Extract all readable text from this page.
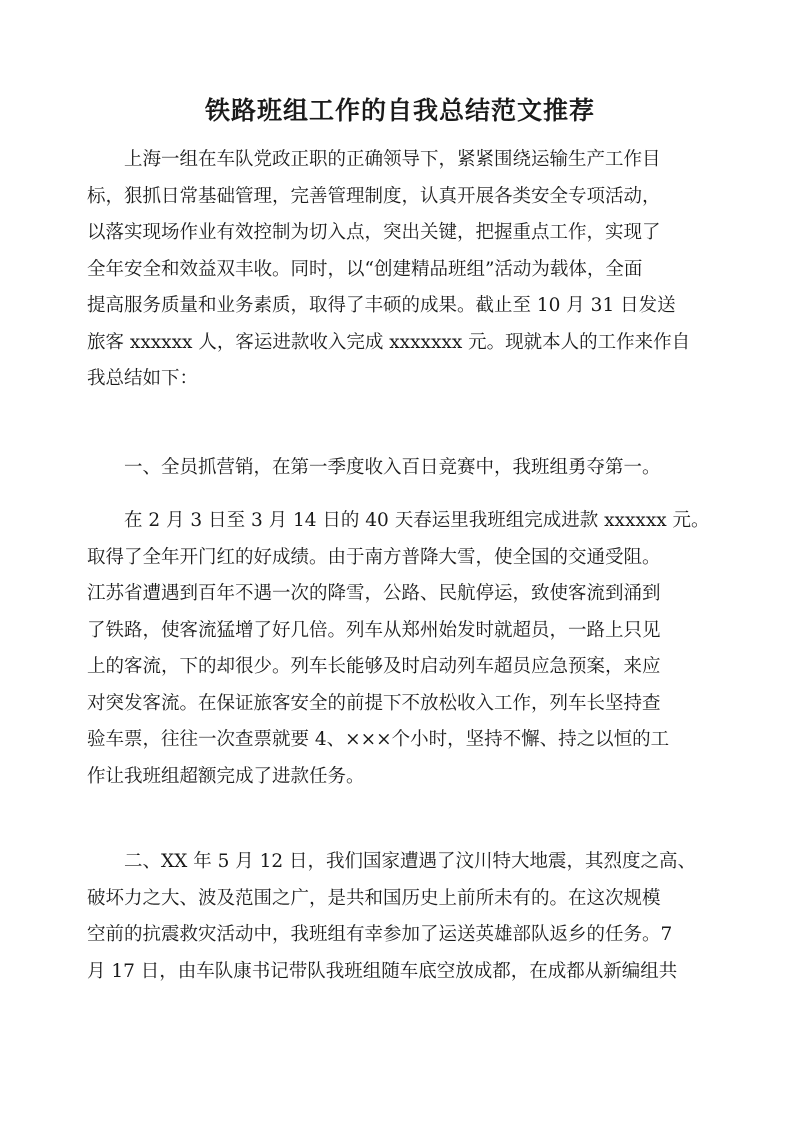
铁路班组工作的自我总结范文推荐

上海一组在车队党政正职的正确领导下，紧紧围绕运输生产工作目
标，狠抓日常基础管理，完善管理制度，认真开展各类安全专项活动，
以落实现场作业有效控制为切入点，突出关键，把握重点工作，实现了
全年安全和效益双丰收。同时，以“创建精品班组”活动为载体，全面
提高服务质量和业务素质，取得了丰硕的成果。截止至 10 月 31 日发送
旅客 xxxxxx 人，客运进款收入完成 xxxxxxx 元。现就本人的工作来作自
我总结如下：

一、全员抓营销，在第一季度收入百日竞赛中，我班组勇夺第一。

在 2 月 3 日至 3 月 14 日的 40 天春运里我班组完成进款 xxxxxx 元。
取得了全年开门红的好成绩。由于南方普降大雪，使全国的交通受阻。
江苏省遭遇到百年不遇一次的降雪，公路、民航停运，致使客流到涌到
了铁路，使客流猛增了好几倍。列车从郑州始发时就超员，一路上只见
上的客流，下的却很少。列车长能够及时启动列车超员应急预案，来应
对突发客流。在保证旅客安全的前提下不放松收入工作，列车长坚持查
验车票，往往一次查票就要 4、×××个小时，坚持不懈、持之以恒的工
作让我班组超额完成了进款任务。

二、XX 年 5 月 12 日，我们国家遭遇了汶川特大地震，其烈度之高、
破坏力之大、波及范围之广，是共和国历史上前所未有的。在这次规模
空前的抗震救灾活动中，我班组有幸参加了运送英雄部队返乡的任务。7
月 17 日，由车队康书记带队我班组随车底空放成都，在成都从新编组共
